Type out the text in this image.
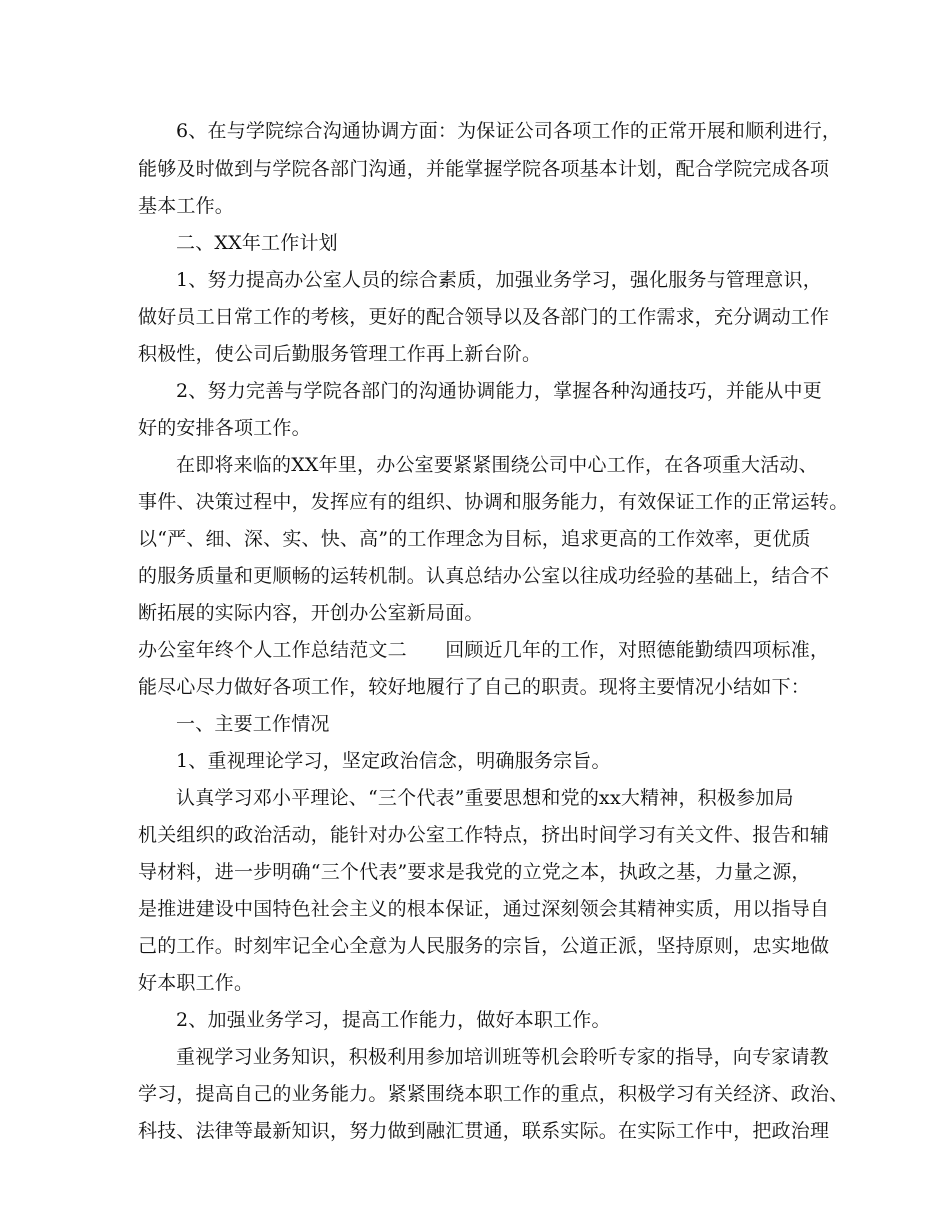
6、在与学院综合沟通协调方面：为保证公司各项工作的正常开展和顺利进行，
能够及时做到与学院各部门沟通，并能掌握学院各项基本计划，配合学院完成各项
基本工作。
二、XX年工作计划
1、努力提高办公室人员的综合素质，加强业务学习，强化服务与管理意识，
做好员工日常工作的考核，更好的配合领导以及各部门的工作需求，充分调动工作
积极性，使公司后勤服务管理工作再上新台阶。
2、努力完善与学院各部门的沟通协调能力，掌握各种沟通技巧，并能从中更
好的安排各项工作。
在即将来临的XX年里，办公室要紧紧围绕公司中心工作，在各项重大活动、
事件、决策过程中，发挥应有的组织、协调和服务能力，有效保证工作的正常运转。
以“严、细、深、实、快、高”的工作理念为目标，追求更高的工作效率，更优质
的服务质量和更顺畅的运转机制。认真总结办公室以往成功经验的基础上，结合不
断拓展的实际内容，开创办公室新局面。
办公室年终个人工作总结范文二　　回顾近几年的工作，对照德能勤绩四项标准，
能尽心尽力做好各项工作，较好地履行了自己的职责。现将主要情况小结如下：
一、主要工作情况
1、重视理论学习，坚定政治信念，明确服务宗旨。
认真学习邓小平理论、“三个代表”重要思想和党的xx大精神，积极参加局
机关组织的政治活动，能针对办公室工作特点，挤出时间学习有关文件、报告和辅
导材料，进一步明确“三个代表”要求是我党的立党之本，执政之基，力量之源，
是推进建设中国特色社会主义的根本保证，通过深刻领会其精神实质，用以指导自
己的工作。时刻牢记全心全意为人民服务的宗旨，公道正派，坚持原则，忠实地做
好本职工作。
2、加强业务学习，提高工作能力，做好本职工作。
重视学习业务知识，积极利用参加培训班等机会聆听专家的指导，向专家请教
学习，提高自己的业务能力。紧紧围绕本职工作的重点，积极学习有关经济、政治、
科技、法律等最新知识，努力做到融汇贯通，联系实际。在实际工作中，把政治理
